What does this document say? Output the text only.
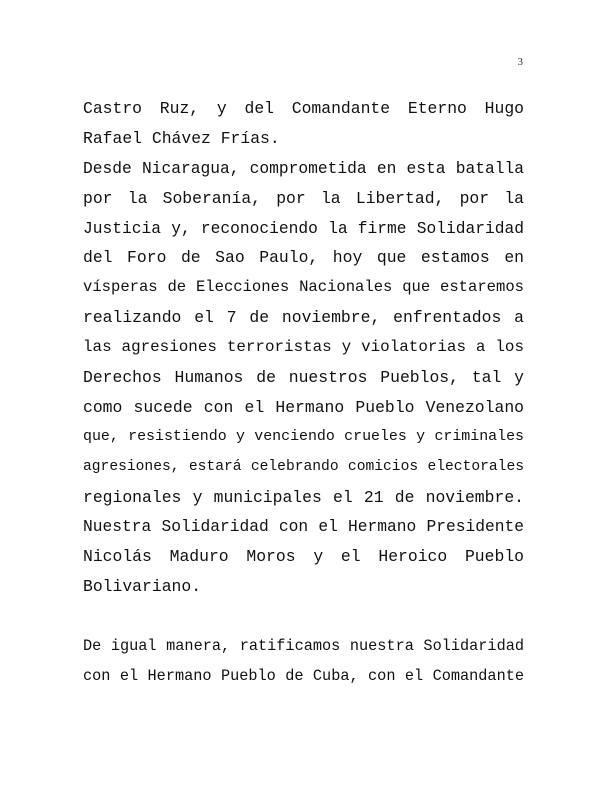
3
Castro Ruz, y del Comandante Eterno Hugo
Rafael Chávez Frías.
Desde Nicaragua, comprometida en esta batalla
por la Soberanía, por la Libertad, por la
Justicia y, reconociendo la firme Solidaridad
del Foro de Sao Paulo, hoy que estamos en
vísperas de Elecciones Nacionales que estaremos
realizando el 7 de noviembre, enfrentados a
las agresiones terroristas y violatorias a los
Derechos Humanos de nuestros Pueblos, tal y
como sucede con el Hermano Pueblo Venezolano
que, resistiendo y venciendo crueles y criminales
agresiones, estará celebrando comicios electorales
regionales y municipales el 21 de noviembre.
Nuestra Solidaridad con el Hermano Presidente
Nicolás Maduro Moros y el Heroico Pueblo
Bolivariano.
De igual manera, ratificamos nuestra Solidaridad
con el Hermano Pueblo de Cuba, con el Comandante
